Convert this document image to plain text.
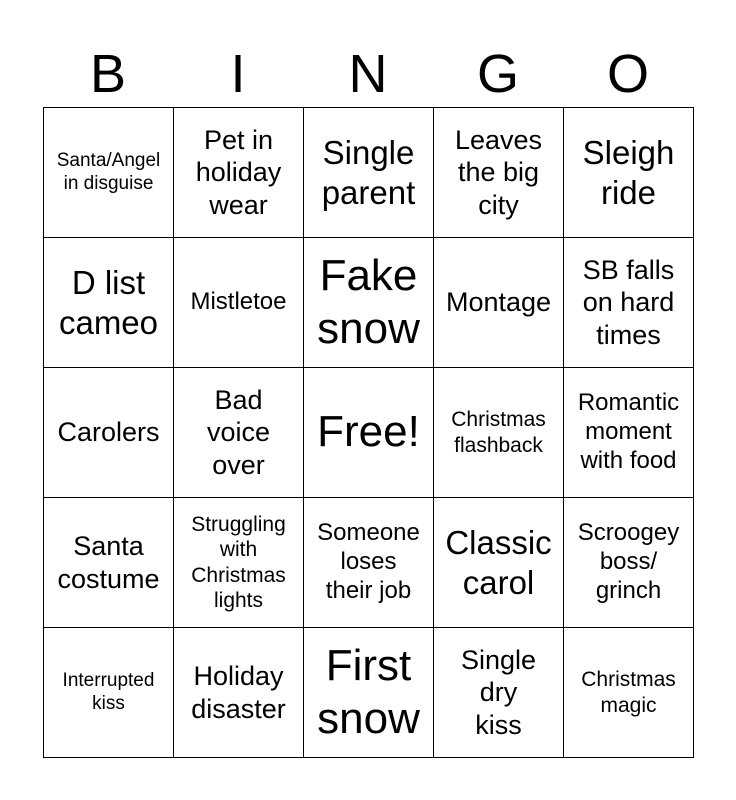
B	I	N	G	O
Santa/Angel
in disguise	Pet in
holiday
wear	Single
parent	Leaves
the big
city	Sleigh
ride

D list
cameo	Mistletoe	Fake
snow	Montage	SB falls
on hard
times

Carolers	Bad
voice
over	Free!	Christmas
flashback	Romantic
moment
with food

Santa
costume	Struggling
with
Christmas
lights	Someone
loses
their job	Classic
carol	Scroogey
boss/
grinch

Interrupted
kiss	Holiday
disaster	First
snow	Single
dry
kiss	Christmas
magic
